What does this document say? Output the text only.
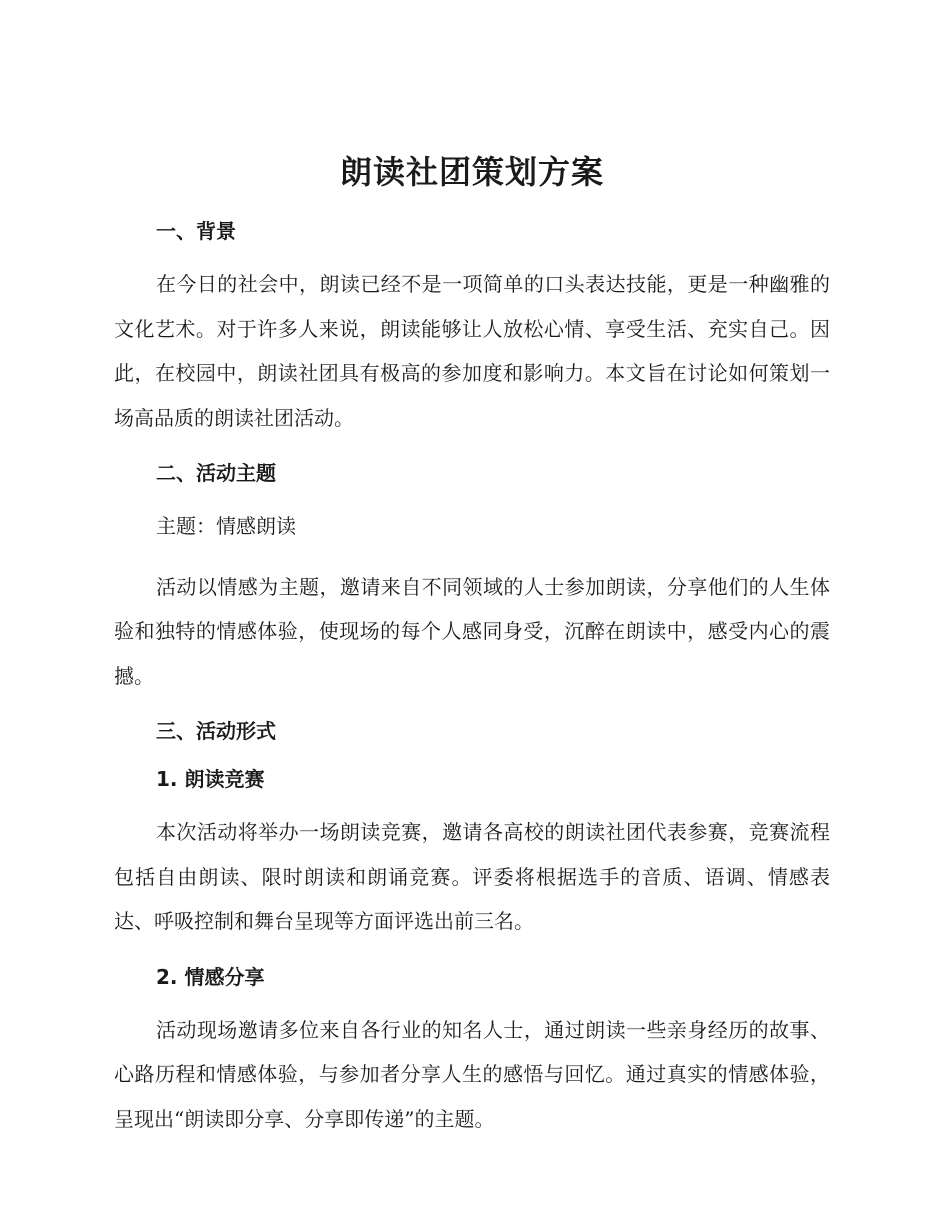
朗读社团策划方案
一、背景

在今日的社会中，朗读已经不是一项简单的口头表达技能，更是一种幽雅的文化艺术。对于许多人来说，朗读能够让人放松心情、享受生活、充实自己。因此，在校园中，朗读社团具有极高的参加度和影响力。本文旨在讨论如何策划一场高品质的朗读社团活动。

二、活动主题

主题：情感朗读

活动以情感为主题，邀请来自不同领域的人士参加朗读，分享他们的人生体验和独特的情感体验，使现场的每个人感同身受，沉醉在朗读中，感受内心的震撼。

三、活动形式
1. 朗读竞赛

本次活动将举办一场朗读竞赛，邀请各高校的朗读社团代表参赛，竞赛流程包括自由朗读、限时朗读和朗诵竞赛。评委将根据选手的音质、语调、情感表达、呼吸控制和舞台呈现等方面评选出前三名。

2. 情感分享

活动现场邀请多位来自各行业的知名人士，通过朗读一些亲身经历的故事、心路历程和情感体验，与参加者分享人生的感悟与回忆。通过真实的情感体验，呈现出“朗读即分享、分享即传递”的主题。
